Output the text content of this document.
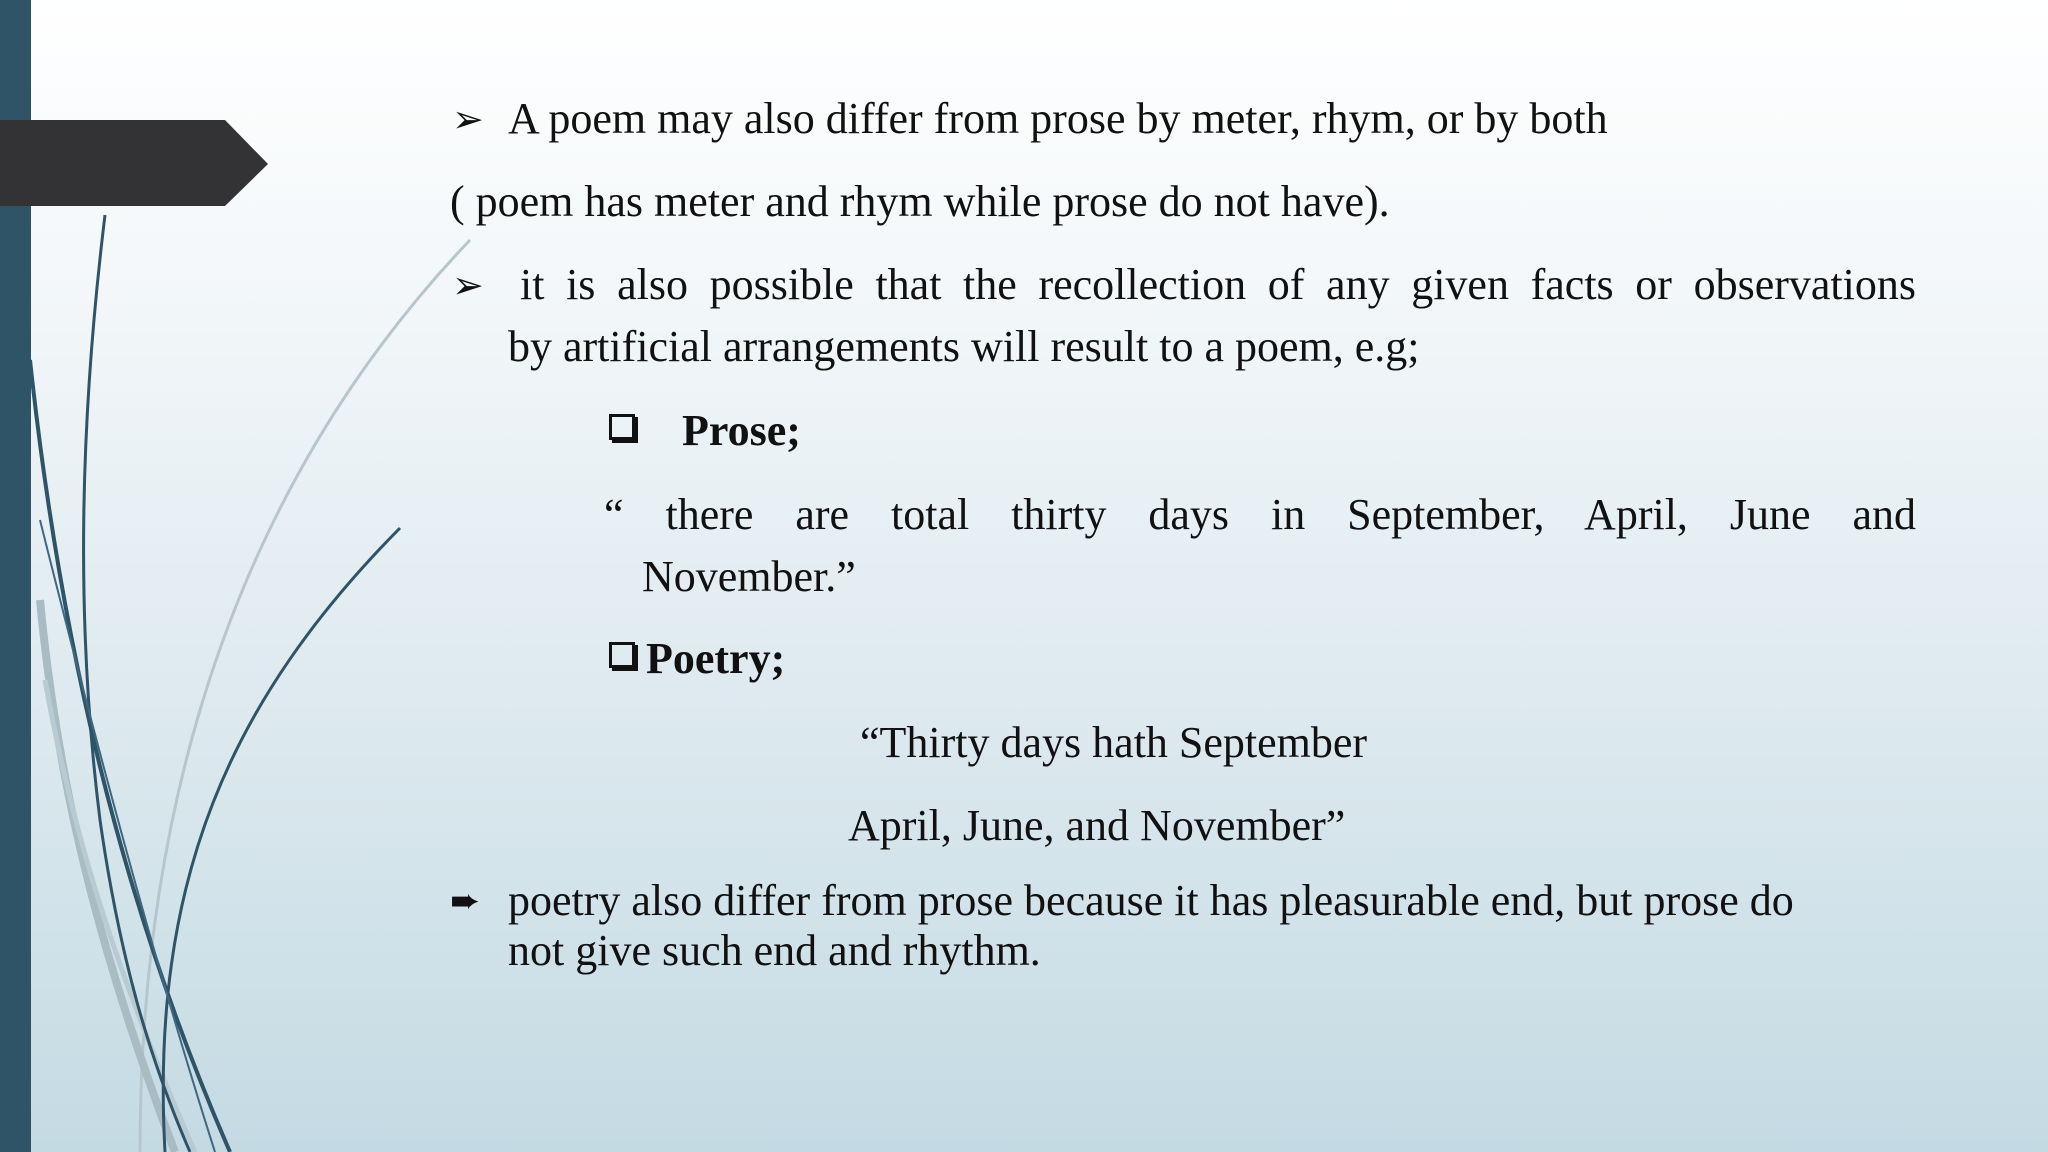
➢ A poem may also differ from prose by meter, rhym, or by both
( poem has meter and rhym while prose do not have).
➢ it is also possible that the recollection of any given facts or observations
by artificial arrangements will result to a poem, e.g;
Prose;
“ there are total thirty days in September, April, June and
November.”
Poetry;
“Thirty days hath September
April, June, and November”
➨ poetry also differ from prose because it has pleasurable end, but prose do
not give such end and rhythm.
